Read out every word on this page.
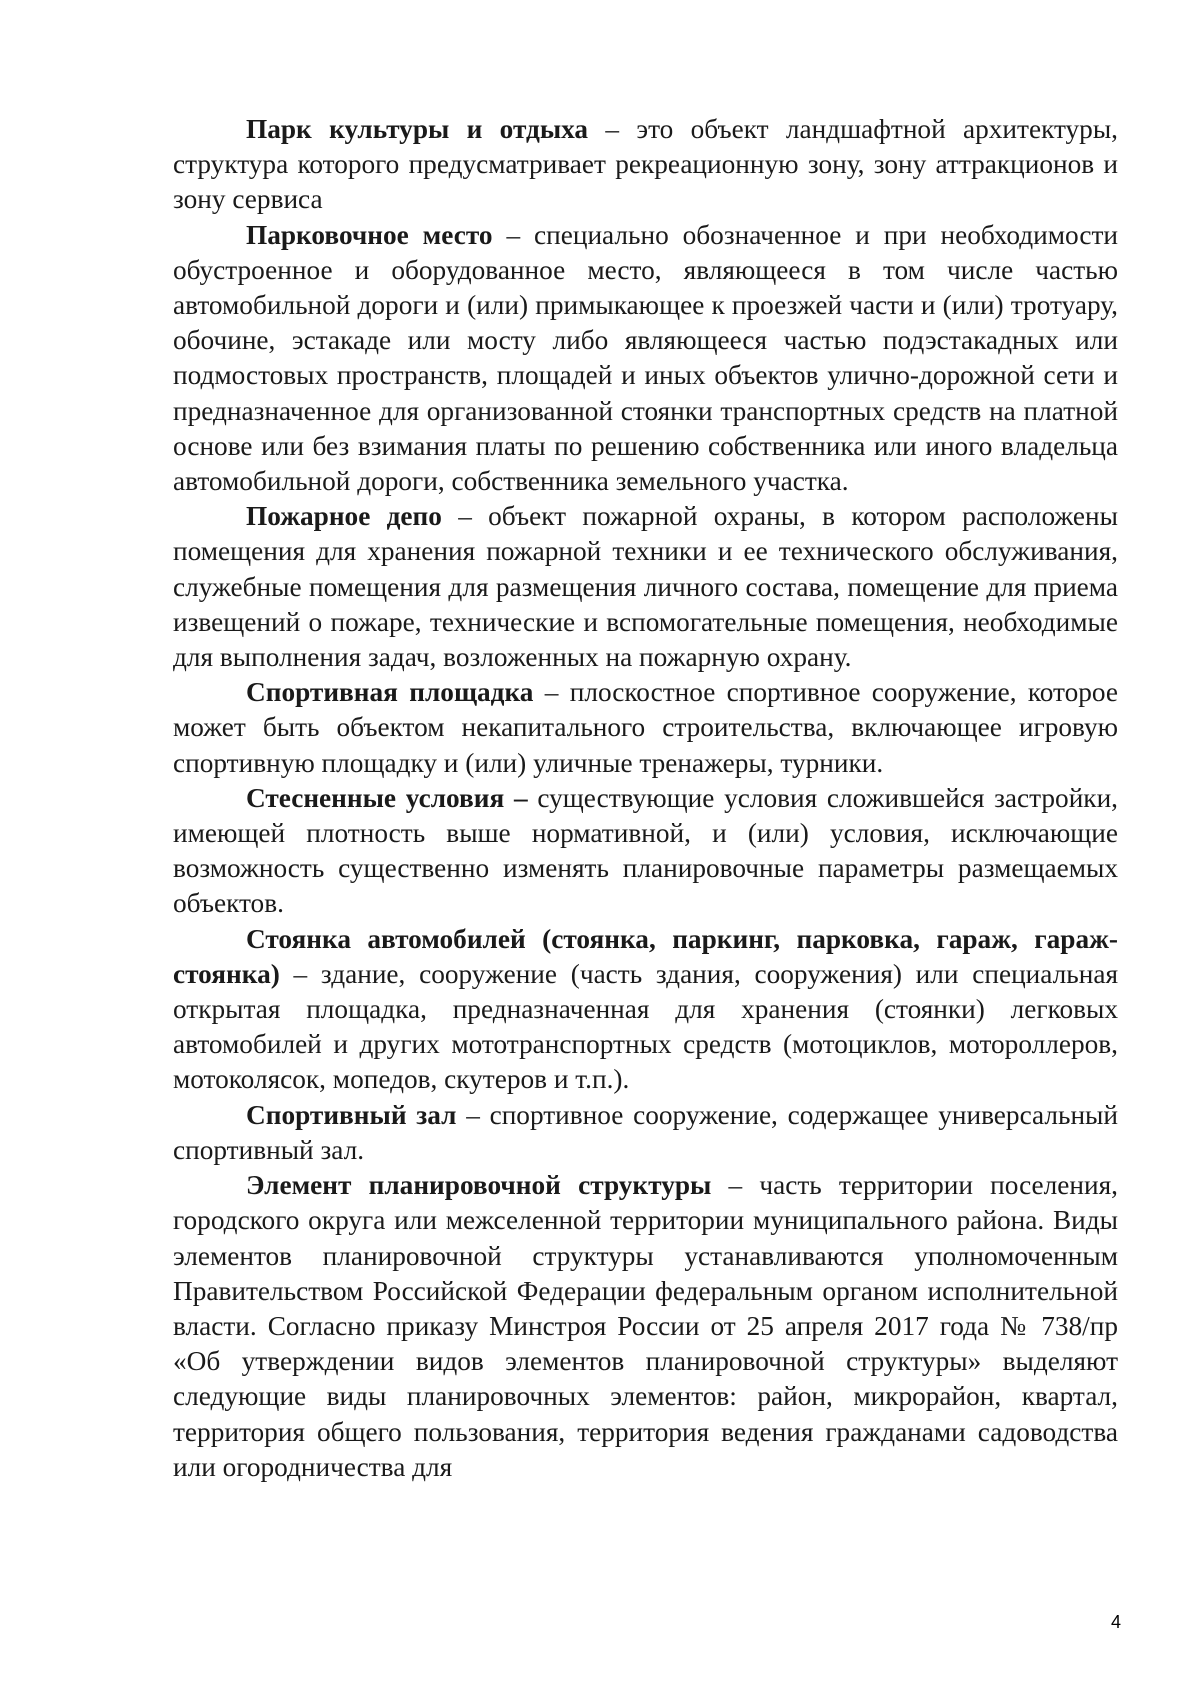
Парк культуры и отдыха – это объект ландшафтной архитектуры, структура которого предусматривает рекреационную зону, зону аттракционов и зону сервиса

Парковочное место – специально обозначенное и при необходимости обустроенное и оборудованное место, являющееся в том числе частью автомобильной дороги и (или) примыкающее к проезжей части и (или) тротуару, обочине, эстакаде или мосту либо являющееся частью подэстакадных или подмостовых пространств, площадей и иных объектов улично-дорожной сети и предназначенное для организованной стоянки транспортных средств на платной основе или без взимания платы по решению собственника или иного владельца автомобильной дороги, собственника земельного участка.

Пожарное депо – объект пожарной охраны, в котором расположены помещения для хранения пожарной техники и ее технического обслуживания, служебные помещения для размещения личного состава, помещение для приема извещений о пожаре, технические и вспомогательные помещения, необходимые для выполнения задач, возложенных на пожарную охрану.

Спортивная площадка – плоскостное спортивное сооружение, которое может быть объектом некапитального строительства, включающее игровую спортивную площадку и (или) уличные тренажеры, турники.

Стесненные условия – существующие условия сложившейся застройки, имеющей плотность выше нормативной, и (или) условия, исключающие возможность существенно изменять планировочные параметры размещаемых объектов.

Стоянка автомобилей (стоянка, паркинг, парковка, гараж, гараж-стоянка) – здание, сооружение (часть здания, сооружения) или специальная открытая площадка, предназначенная для хранения (стоянки) легковых автомобилей и других мототранспортных средств (мотоциклов, мотороллеров, мотоколясок, мопедов, скутеров и т.п.).

Спортивный зал – спортивное сооружение, содержащее универсальный спортивный зал.

Элемент планировочной структуры – часть территории поселения, городского округа или межселенной территории муниципального района. Виды элементов планировочной структуры устанавливаются уполномоченным Правительством Российской Федерации федеральным органом исполнительной власти. Согласно приказу Минстроя России от 25 апреля 2017 года № 738/пр «Об утверждении видов элементов планировочной структуры» выделяют следующие виды планировочных элементов: район, микрорайон, квартал, территория общего пользования, территория ведения гражданами садоводства или огородничества для

4
